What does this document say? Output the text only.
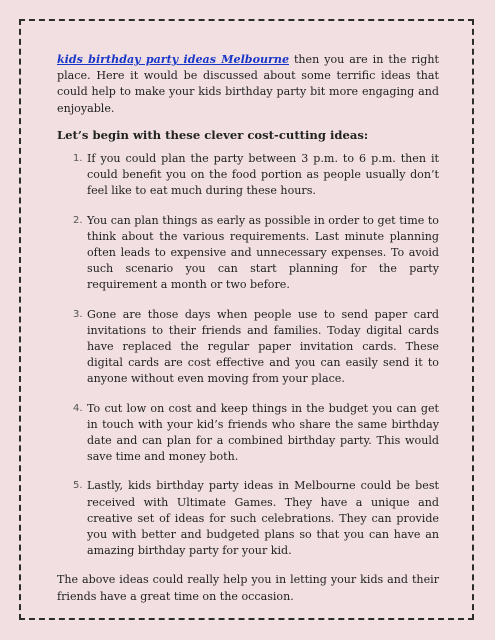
kids birthday party ideas Melbourne then you are in the right place. Here it would be discussed about some terrific ideas that could help to make your kids birthday party bit more engaging and enjoyable.

Let’s begin with these clever cost-cutting ideas:

1. If you could plan the party between 3 p.m. to 6 p.m. then it could benefit you on the food portion as people usually don’t feel like to eat much during these hours.
2. You can plan things as early as possible in order to get time to think about the various requirements. Last minute planning often leads to expensive and unnecessary expenses. To avoid such scenario you can start planning for the party requirement a month or two before.
3. Gone are those days when people use to send paper card invitations to their friends and families. Today digital cards have replaced the regular paper invitation cards. These digital cards are cost effective and you can easily send it to anyone without even moving from your place.
4. To cut low on cost and keep things in the budget you can get in touch with your kid’s friends who share the same birthday date and can plan for a combined birthday party. This would save time and money both.
5. Lastly, kids birthday party ideas in Melbourne could be best received with Ultimate Games. They have a unique and creative set of ideas for such celebrations. They can provide you with better and budgeted plans so that you can have an amazing birthday party for your kid.

The above ideas could really help you in letting your kids and their friends have a great time on the occasion.
